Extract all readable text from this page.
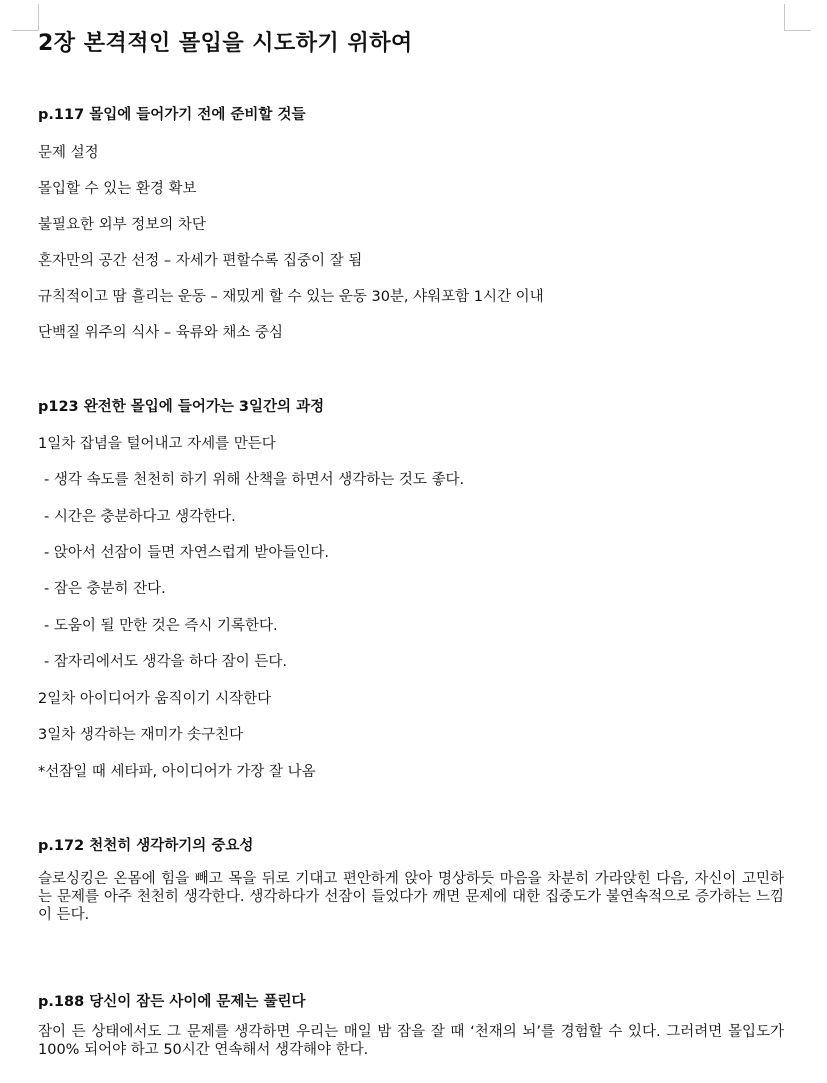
2장 본격적인 몰입을 시도하기 위하여
p.117 몰입에 들어가기 전에 준비할 것들
문제 설정
몰입할 수 있는 환경 확보
불필요한 외부 정보의 차단
혼자만의 공간 선정 – 자세가 편할수록 집중이 잘 됨
규칙적이고 땀 흘리는 운동 – 재밌게 할 수 있는 운동 30분, 샤워포함 1시간 이내
단백질 위주의 식사 – 육류와 채소 중심
p123 완전한 몰입에 들어가는 3일간의 과정
1일차 잡념을 털어내고 자세를 만든다
- 생각 속도를 천천히 하기 위해 산책을 하면서 생각하는 것도 좋다.
- 시간은 충분하다고 생각한다.
- 앉아서 선잠이 들면 자연스럽게 받아들인다.
- 잠은 충분히 잔다.
- 도움이 될 만한 것은 즉시 기록한다.
- 잠자리에서도 생각을 하다 잠이 든다.
2일차 아이디어가 움직이기 시작한다
3일차 생각하는 재미가 솟구친다
*선잠일 때 세타파, 아이디어가 가장 잘 나옴
p.172 천천히 생각하기의 중요성
슬로싱킹은 온몸에 힘을 빼고 목을 뒤로 기대고 편안하게 앉아 명상하듯 마음을 차분히 가라앉힌 다음, 자신이 고민하는 문제를 아주 천천히 생각한다. 생각하다가 선잠이 들었다가 깨면 문제에 대한 집중도가 불연속적으로 증가하는 느낌이 든다.
p.188 당신이 잠든 사이에 문제는 풀린다
잠이 든 상태에서도 그 문제를 생각하면 우리는 매일 밤 잠을 잘 때 ‘천재의 뇌’를 경험할 수 있다. 그러려면 몰입도가 100% 되어야 하고 50시간 연속해서 생각해야 한다.
